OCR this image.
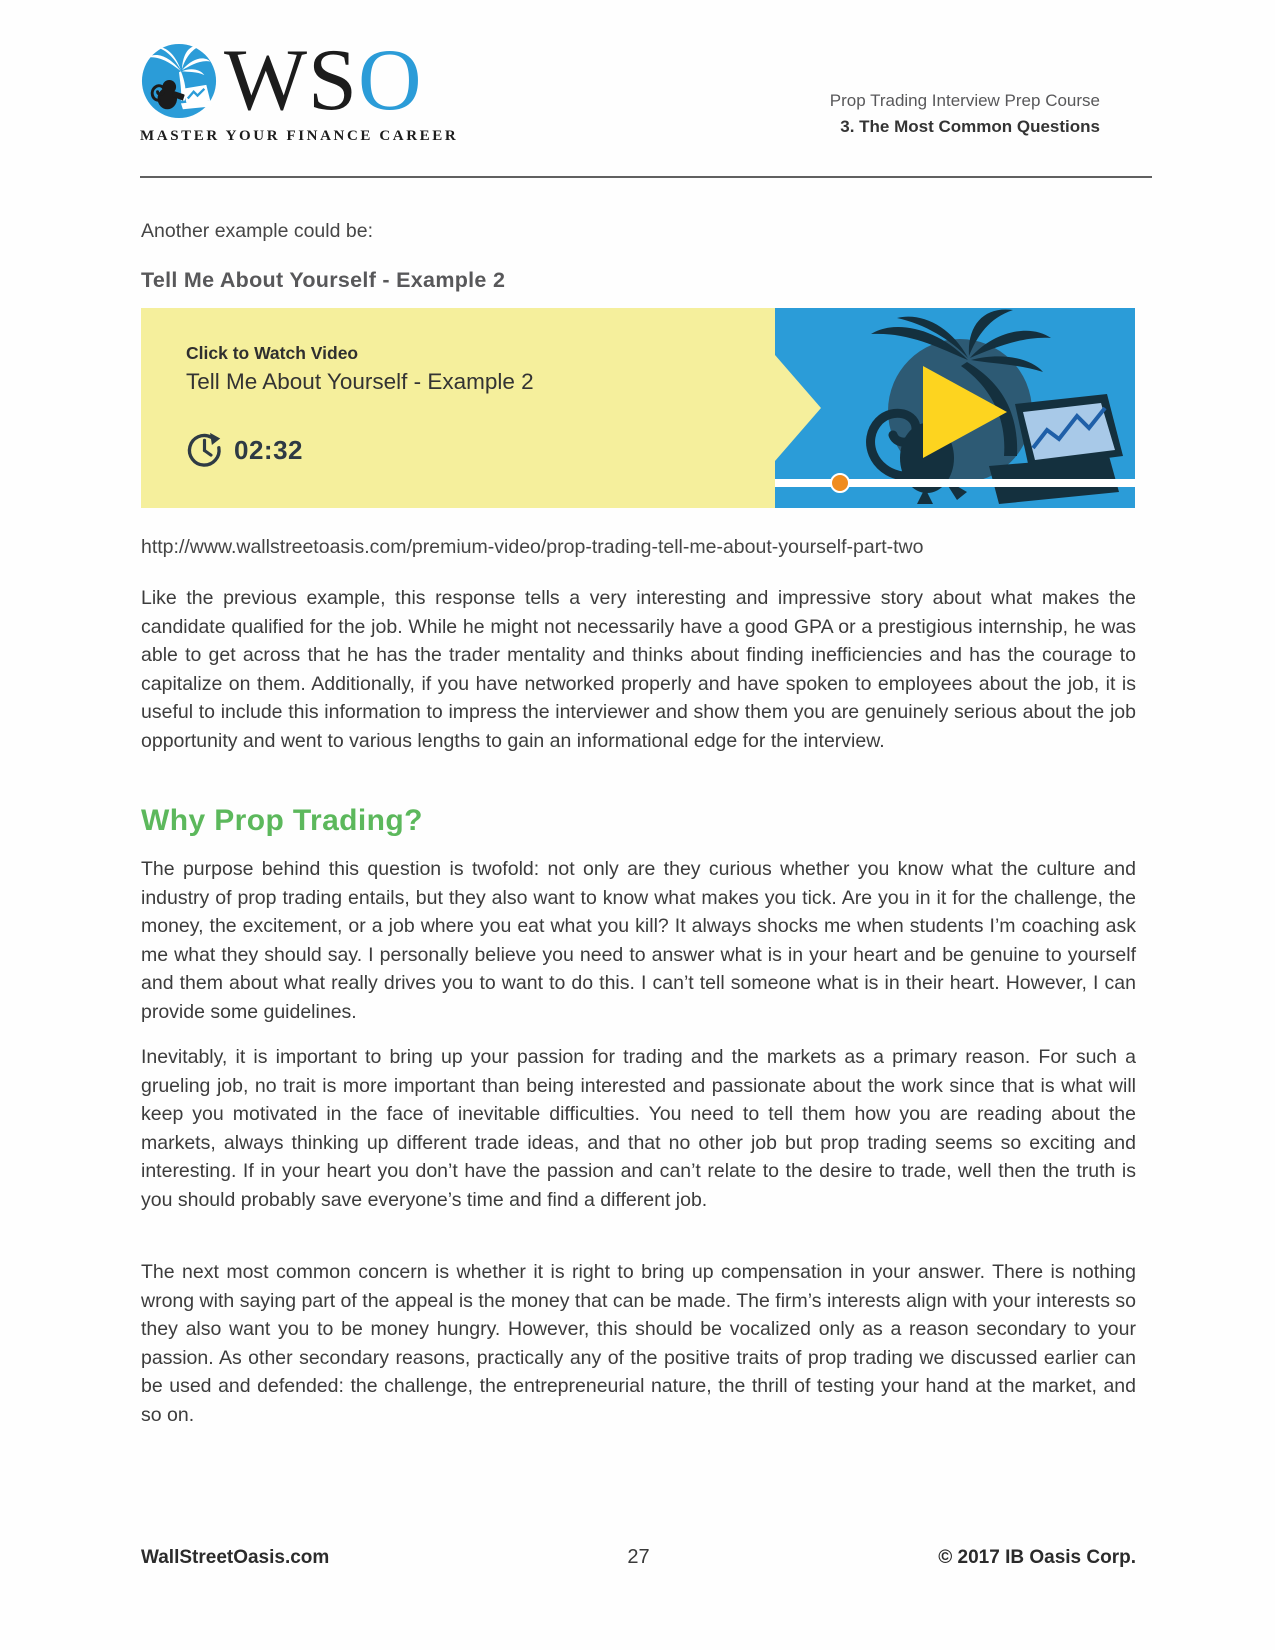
WSO
MASTER YOUR FINANCE CAREER
Prop Trading Interview Prep Course
3. The Most Common Questions
Another example could be:
Tell Me About Yourself - Example 2
Click to Watch Video
Tell Me About Yourself - Example 2
02:32
http://www.wallstreetoasis.com/premium-video/prop-trading-tell-me-about-yourself-part-two
Like the previous example, this response tells a very interesting and impressive story about what makes the candidate qualified for the job. While he might not necessarily have a good GPA or a prestigious internship, he was able to get across that he has the trader mentality and thinks about finding inefficiencies and has the courage to capitalize on them. Additionally, if you have networked properly and have spoken to employees about the job, it is useful to include this information to impress the interviewer and show them you are genuinely serious about the job opportunity and went to various lengths to gain an informational edge for the interview.
Why Prop Trading?
The purpose behind this question is twofold: not only are they curious whether you know what the culture and industry of prop trading entails, but they also want to know what makes you tick. Are you in it for the challenge, the money, the excitement, or a job where you eat what you kill? It always shocks me when students I’m coaching ask me what they should say. I personally believe you need to answer what is in your heart and be genuine to yourself and them about what really drives you to want to do this. I can’t tell someone what is in their heart. However, I can provide some guidelines.
Inevitably, it is important to bring up your passion for trading and the markets as a primary reason. For such a grueling job, no trait is more important than being interested and passionate about the work since that is what will keep you motivated in the face of inevitable difficulties. You need to tell them how you are reading about the markets, always thinking up different trade ideas, and that no other job but prop trading seems so exciting and interesting. If in your heart you don’t have the passion and can’t relate to the desire to trade, well then the truth is you should probably save everyone’s time and find a different job.
The next most common concern is whether it is right to bring up compensation in your answer. There is nothing wrong with saying part of the appeal is the money that can be made. The firm’s interests align with your interests so they also want you to be money hungry. However, this should be vocalized only as a reason secondary to your passion. As other secondary reasons, practically any of the positive traits of prop trading we discussed earlier can be used and defended: the challenge, the entrepreneurial nature, the thrill of testing your hand at the market, and so on.
WallStreetOasis.com	27	© 2017 IB Oasis Corp.
